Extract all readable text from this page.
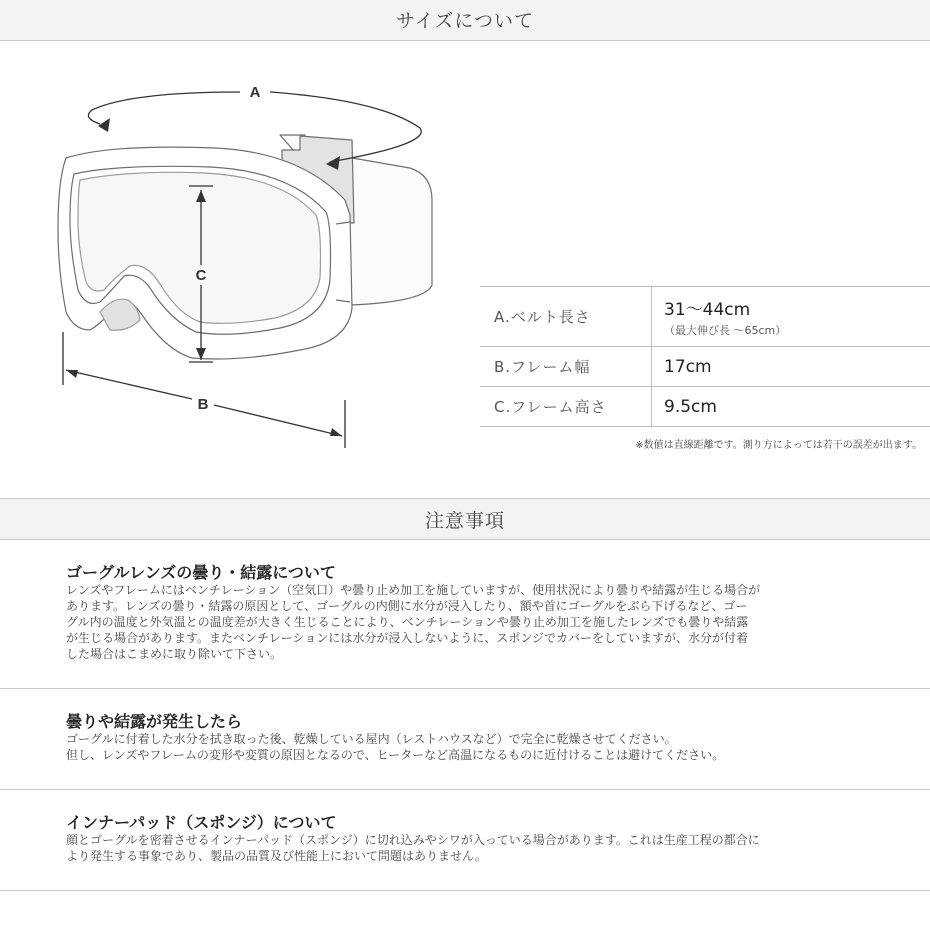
サイズについて
A
C
B
A.ベルト長さ	31〜44cm
（最大伸び長 〜65cm）

B.フレーム幅	17cm
C.フレーム高さ	9.5cm
※数値は直線距離です。測り方によっては若干の誤差が出ます。
注意事項
ゴーグルレンズの曇り・結露について

レンズやフレームにはベンチレーション（空気口）や曇り止め加工を施していますが、使用状況により曇りや結露が生じる場合が

あります。レンズの曇り・結露の原因として、ゴーグルの内側に水分が浸入したり、額や首にゴーグルをぶら下げるなど、ゴー

グル内の温度と外気温との温度差が大きく生じることにより、ベンチレーションや曇り止め加工を施したレンズでも曇りや結露

が生じる場合があります。またベンチレーションには水分が浸入しないように、スポンジでカバーをしていますが、水分が付着

した場合はこまめに取り除いて下さい。

曇りや結露が発生したら

ゴーグルに付着した水分を拭き取った後、乾燥している屋内（レストハウスなど）で完全に乾燥させてください。

但し、レンズやフレームの変形や変質の原因となるので、ヒーターなど高温になるものに近付けることは避けてください。

インナーパッド（スポンジ）について

顔とゴーグルを密着させるインナーパッド（スポンジ）に切れ込みやシワが入っている場合があります。これは生産工程の都合に

より発生する事象であり、製品の品質及び性能上において問題はありません。
